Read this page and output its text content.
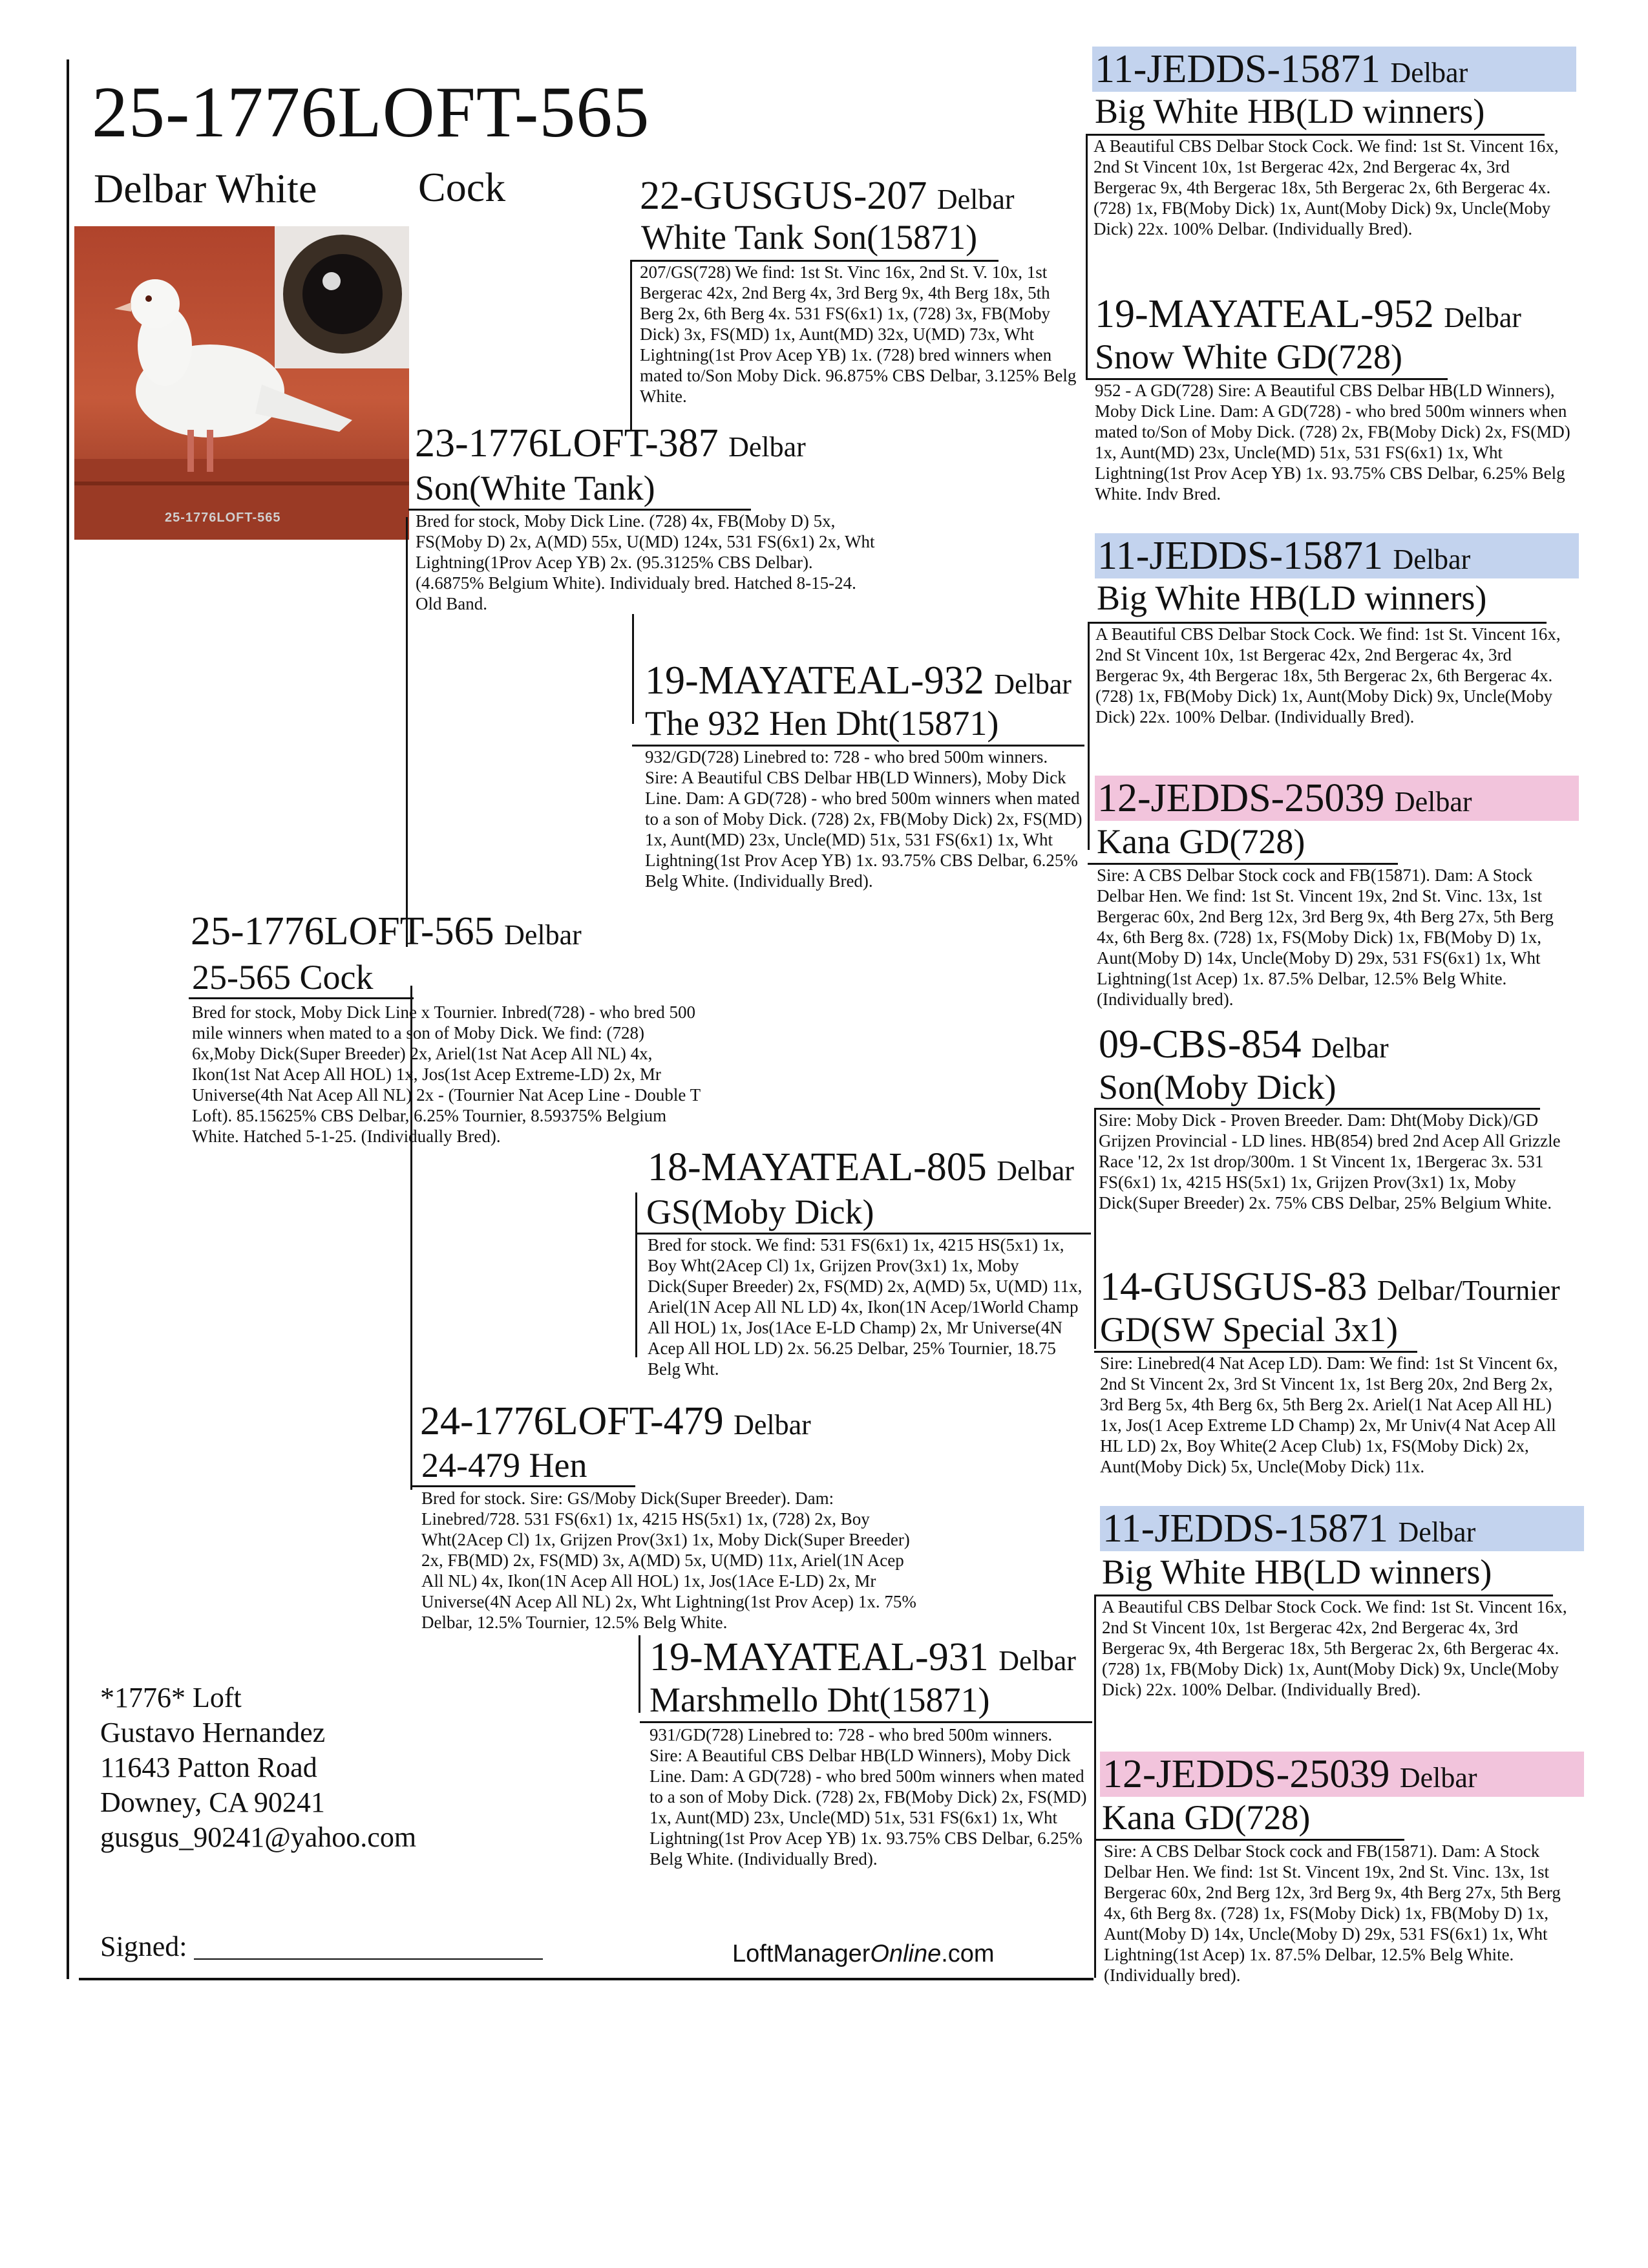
25-1776LOFT-565
Delbar White Cock
25-1776LOFT-565
25-1776LOFT-565 Delbar
25-565 Cock
Bred for stock, Moby Dick Line x Tournier. Inbred(728) - who bred 500 mile winners when mated to a son of Moby Dick. We find: (728) 6x,Moby Dick(Super Breeder) 2x, Ariel(1st Nat Acep All NL) 4x, Ikon(1st Nat Acep All HOL) 1x, Jos(1st Acep Extreme-LD) 2x, Mr Universe(4th Nat Acep All NL) 2x - (Tournier Nat Acep Line - Double T Loft). 85.15625% CBS Delbar, 6.25% Tournier, 8.59375% Belgium White. Hatched 5-1-25. (Individually Bred).
23-1776LOFT-387 Delbar
Son(White Tank)
Bred for stock, Moby Dick Line. (728) 4x, FB(Moby D) 5x, FS(Moby D) 2x, A(MD) 55x, U(MD) 124x, 531 FS(6x1) 2x, Wht Lightning(1Prov Acep YB) 2x. (95.3125% CBS Delbar). (4.6875% Belgium White). Individualy bred. Hatched 8-15-24. Old Band.
24-1776LOFT-479 Delbar
24-479 Hen
Bred for stock. Sire: GS/Moby Dick(Super Breeder). Dam: Linebred/728. 531 FS(6x1) 1x, 4215 HS(5x1) 1x, (728) 2x, Boy Wht(2Acep Cl) 1x, Grijzen Prov(3x1) 1x, Moby Dick(Super Breeder) 2x, FB(MD) 2x, FS(MD) 3x, A(MD) 5x, U(MD) 11x, Ariel(1N Acep All NL) 4x, Ikon(1N Acep All HOL) 1x, Jos(1Ace E-LD) 2x, Mr Universe(4N Acep All NL) 2x, Wht Lightning(1st Prov Acep) 1x. 75% Delbar, 12.5% Tournier, 12.5% Belg White.
22-GUSGUS-207 Delbar
White Tank Son(15871)
207/GS(728) We find: 1st St. Vinc 16x, 2nd St. V. 10x, 1st Bergerac 42x, 2nd Berg 4x, 3rd Berg 9x, 4th Berg 18x, 5th Berg 2x, 6th Berg 4x. 531 FS(6x1) 1x, (728) 3x, FB(Moby Dick) 3x, FS(MD) 1x, Aunt(MD) 32x, U(MD) 73x, Wht Lightning(1st Prov Acep YB) 1x. (728) bred winners when mated to/Son Moby Dick. 96.875% CBS Delbar, 3.125% Belg White.
19-MAYATEAL-932 Delbar
The 932 Hen Dht(15871)
932/GD(728) Linebred to: 728 - who bred 500m winners. Sire: A Beautiful CBS Delbar HB(LD Winners), Moby Dick Line. Dam: A GD(728) - who bred 500m winners when mated to a son of Moby Dick. (728) 2x, FB(Moby Dick) 2x, FS(MD) 1x, Aunt(MD) 23x, Uncle(MD) 51x, 531 FS(6x1) 1x, Wht Lightning(1st Prov Acep YB) 1x. 93.75% CBS Delbar, 6.25% Belg White. (Individually Bred).
18-MAYATEAL-805 Delbar
GS(Moby Dick)
Bred for stock. We find: 531 FS(6x1) 1x, 4215 HS(5x1) 1x, Boy Wht(2Acep Cl) 1x, Grijzen Prov(3x1) 1x, Moby Dick(Super Breeder) 2x, FS(MD) 2x, A(MD) 5x, U(MD) 11x, Ariel(1N Acep All NL LD) 4x, Ikon(1N Acep/1World Champ All HOL) 1x, Jos(1Ace E-LD Champ) 2x, Mr Universe(4N Acep All HOL LD) 2x. 56.25 Delbar, 25% Tournier, 18.75 Belg Wht.
19-MAYATEAL-931 Delbar
Marshmello Dht(15871)
931/GD(728) Linebred to: 728 - who bred 500m winners. Sire: A Beautiful CBS Delbar HB(LD Winners), Moby Dick Line. Dam: A GD(728) - who bred 500m winners when mated to a son of Moby Dick. (728) 2x, FB(Moby Dick) 2x, FS(MD) 1x, Aunt(MD) 23x, Uncle(MD) 51x, 531 FS(6x1) 1x, Wht Lightning(1st Prov Acep YB) 1x. 93.75% CBS Delbar, 6.25% Belg White. (Individually Bred).
11-JEDDS-15871 Delbar
Big White HB(LD winners)
A Beautiful CBS Delbar Stock Cock. We find: 1st St. Vincent 16x, 2nd St Vincent 10x, 1st Bergerac 42x, 2nd Bergerac 4x, 3rd Bergerac 9x, 4th Bergerac 18x, 5th Bergerac 2x, 6th Bergerac 4x. (728) 1x, FB(Moby Dick) 1x, Aunt(Moby Dick) 9x, Uncle(Moby Dick) 22x. 100% Delbar. (Individually Bred).
19-MAYATEAL-952 Delbar
Snow White GD(728)
952 - A GD(728) Sire: A Beautiful CBS Delbar HB(LD Winners), Moby Dick Line. Dam: A GD(728) - who bred 500m winners when mated to/Son of Moby Dick. (728) 2x, FB(Moby Dick) 2x, FS(MD) 1x, Aunt(MD) 23x, Uncle(MD) 51x, 531 FS(6x1) 1x, Wht Lightning(1st Prov Acep YB) 1x. 93.75% CBS Delbar, 6.25% Belg White. Indv Bred.
11-JEDDS-15871 Delbar
Big White HB(LD winners)
A Beautiful CBS Delbar Stock Cock. We find: 1st St. Vincent 16x, 2nd St Vincent 10x, 1st Bergerac 42x, 2nd Bergerac 4x, 3rd Bergerac 9x, 4th Bergerac 18x, 5th Bergerac 2x, 6th Bergerac 4x. (728) 1x, FB(Moby Dick) 1x, Aunt(Moby Dick) 9x, Uncle(Moby Dick) 22x. 100% Delbar. (Individually Bred).
12-JEDDS-25039 Delbar
Kana GD(728)
Sire: A CBS Delbar Stock cock and FB(15871). Dam: A Stock Delbar Hen. We find: 1st St. Vincent 19x, 2nd St. Vinc. 13x, 1st Bergerac 60x, 2nd Berg 12x, 3rd Berg 9x, 4th Berg 27x, 5th Berg 4x, 6th Berg 8x. (728) 1x, FS(Moby Dick) 1x, FB(Moby D) 1x, Aunt(Moby D) 14x, Uncle(Moby D) 29x, 531 FS(6x1) 1x, Wht Lightning(1st Acep) 1x. 87.5% Delbar, 12.5% Belg White. (Individually bred).
09-CBS-854 Delbar
Son(Moby Dick)
Sire: Moby Dick - Proven Breeder. Dam: Dht(Moby Dick)/GD Grijzen Provincial - LD lines. HB(854) bred 2nd Acep All Grizzle Race '12, 2x 1st drop/300m. 1 St Vincent 1x, 1Bergerac 3x. 531 FS(6x1) 1x, 4215 HS(5x1) 1x, Grijzen Prov(3x1) 1x, Moby Dick(Super Breeder) 2x. 75% CBS Delbar, 25% Belgium White.
14-GUSGUS-83 Delbar/Tournier
GD(SW Special 3x1)
Sire: Linebred(4 Nat Acep LD). Dam: We find: 1st St Vincent 6x, 2nd St Vincent 2x, 3rd St Vincent 1x, 1st Berg 20x, 2nd Berg 2x, 3rd Berg 5x, 4th Berg 6x, 5th Berg 2x. Ariel(1 Nat Acep All HL) 1x, Jos(1 Acep Extreme LD Champ) 2x, Mr Univ(4 Nat Acep All HL LD) 2x, Boy White(2 Acep Club) 1x, FS(Moby Dick) 2x, Aunt(Moby Dick) 5x, Uncle(Moby Dick) 11x.
11-JEDDS-15871 Delbar
Big White HB(LD winners)
A Beautiful CBS Delbar Stock Cock. We find: 1st St. Vincent 16x, 2nd St Vincent 10x, 1st Bergerac 42x, 2nd Bergerac 4x, 3rd Bergerac 9x, 4th Bergerac 18x, 5th Bergerac 2x, 6th Bergerac 4x. (728) 1x, FB(Moby Dick) 1x, Aunt(Moby Dick) 9x, Uncle(Moby Dick) 22x. 100% Delbar. (Individually Bred).
12-JEDDS-25039 Delbar
Kana GD(728)
Sire: A CBS Delbar Stock cock and FB(15871). Dam: A Stock Delbar Hen. We find: 1st St. Vincent 19x, 2nd St. Vinc. 13x, 1st Bergerac 60x, 2nd Berg 12x, 3rd Berg 9x, 4th Berg 27x, 5th Berg 4x, 6th Berg 8x. (728) 1x, FS(Moby Dick) 1x, FB(Moby D) 1x, Aunt(Moby D) 14x, Uncle(Moby D) 29x, 531 FS(6x1) 1x, Wht Lightning(1st Acep) 1x. 87.5% Delbar, 12.5% Belg White. (Individually bred).
*1776* Loft
Gustavo Hernandez
11643 Patton Road
Downey, CA 90241
gusgus_90241@yahoo.com
Signed:	LoftManagerOnline.com
